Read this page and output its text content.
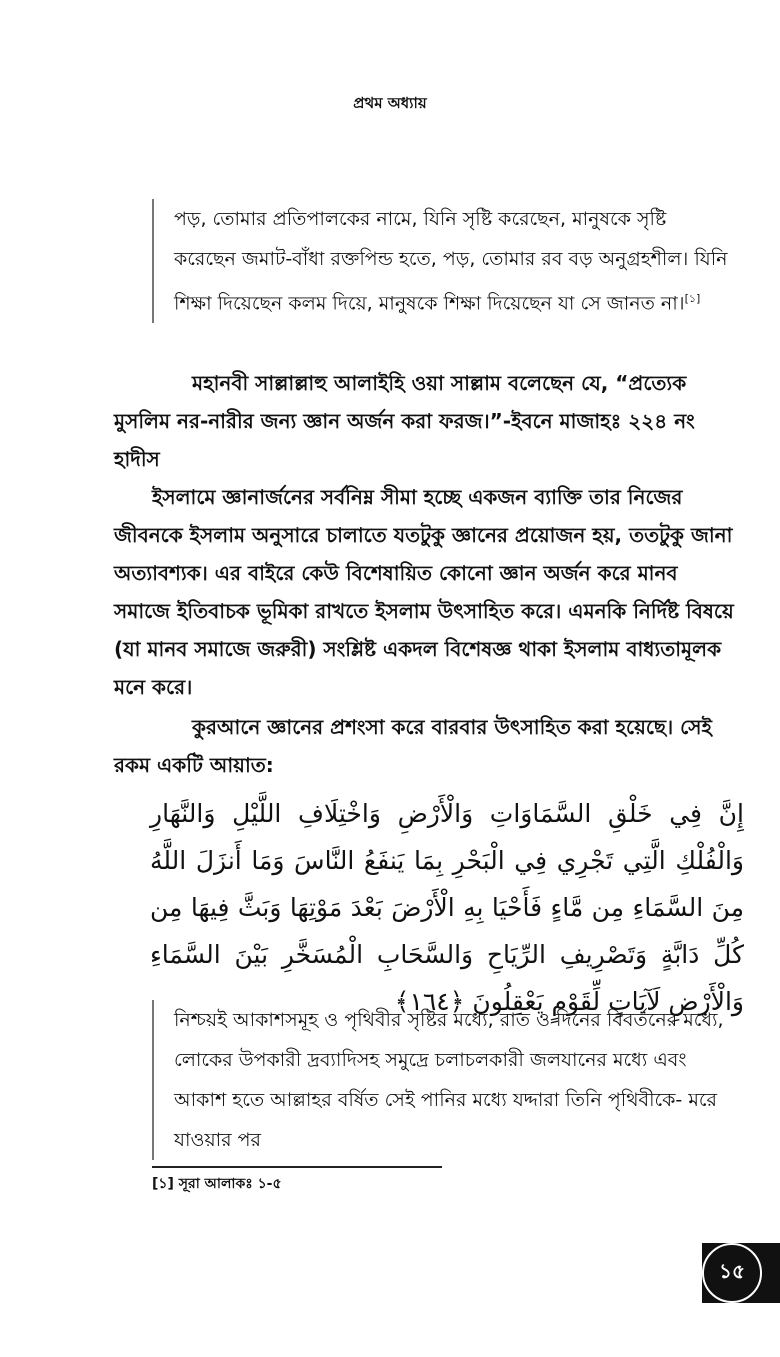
প্রথম অধ্যায়
পড়, তোমার প্রতিপালকের নামে, যিনি সৃষ্টি করেছেন, মানুষকে সৃষ্টি করেছেন জমাট-বাঁধা রক্তপিন্ড হতে, পড়, তোমার রব বড় অনুগ্রহশীল। যিনি শিক্ষা দিয়েছেন কলম দিয়ে, মানুষকে শিক্ষা দিয়েছেন যা সে জানত না।[১]
মহানবী সাল্লাল্লাহু আলাইহি ওয়া সাল্লাম বলেছেন যে, “প্রত্যেক মুসলিম নর-নারীর জন্য জ্ঞান অর্জন করা ফরজ।”-ইবনে মাজাহঃ ২২৪ নং হাদীস
ইসলামে জ্ঞানার্জনের সর্বনিম্ন সীমা হচ্ছে একজন ব্যাক্তি তার নিজের জীবনকে ইসলাম অনুসারে চালাতে যতটুকু জ্ঞানের প্রয়োজন হয়, ততটুকু জানা অত্যাবশ্যক। এর বাইরে কেউ বিশেষায়িত কোনো জ্ঞান অর্জন করে মানব সমাজে ইতিবাচক ভূমিকা রাখতে ইসলাম উৎসাহিত করে। এমনকি নির্দিষ্ট বিষয়ে (যা মানব সমাজে জরুরী) সংশ্লিষ্ট একদল বিশেষজ্ঞ থাকা ইসলাম বাধ্যতামূলক মনে করে।
কুরআনে জ্ঞানের প্রশংসা করে বারবার উৎসাহিত করা হয়েছে। সেই রকম একটি আয়াত:
إِنَّ فِي خَلْقِ السَّمَاوَاتِ وَالْأَرْضِ وَاخْتِلَافِ اللَّيْلِ وَالنَّهَارِ وَالْفُلْكِ الَّتِي تَجْرِي فِي الْبَحْرِ بِمَا يَنفَعُ النَّاسَ وَمَا أَنزَلَ اللَّهُ مِنَ السَّمَاءِ مِن مَّاءٍ فَأَحْيَا بِهِ الْأَرْضَ بَعْدَ مَوْتِهَا وَبَثَّ فِيهَا مِن كُلِّ دَابَّةٍ وَتَصْرِيفِ الرِّيَاحِ وَالسَّحَابِ الْمُسَخَّرِ بَيْنَ السَّمَاءِ وَالْأَرْضِ لَآيَاتٍ لِّقَوْمٍ يَعْقِلُونَ ﴿١٦٤﴾
নিশ্চয়ই আকাশসমূহ ও পৃথিবীর সৃষ্টির মধ্যে, রাত ও দিনের বিবর্তনের মধ্যে, লোকের উপকারী দ্রব্যাদিসহ সমুদ্রে চলাচলকারী জলযানের মধ্যে এবং আকাশ হতে আল্লাহর বর্ষিত সেই পানির মধ্যে যদ্দারা তিনি পৃথিবীকে- মরে যাওয়ার পর
[১] সূরা আলাকঃ ১-৫
১৫
